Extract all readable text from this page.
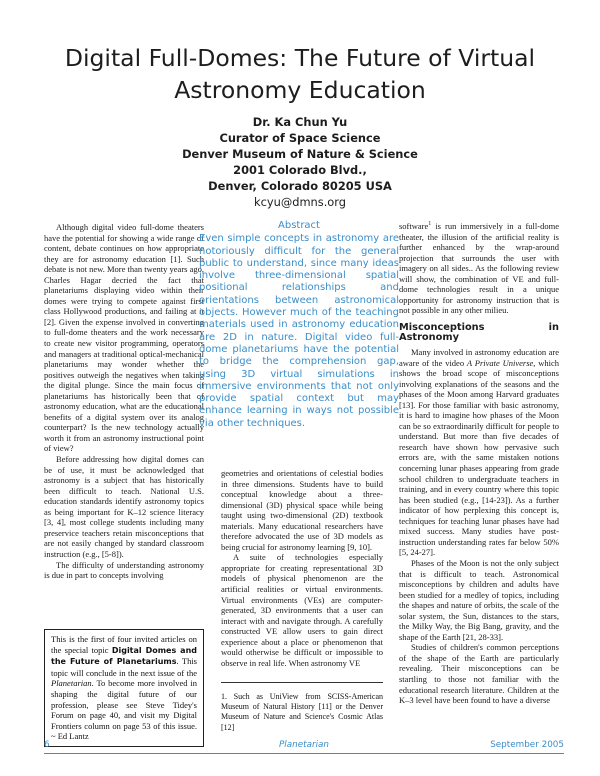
Digital Full-Domes: The Future of Virtual
Astronomy Education
Dr. Ka Chun Yu
Curator of Space Science
Denver Museum of Nature & Science
2001 Colorado Blvd.,
Denver, Colorado 80205 USA
kcyu@dmns.org

Although digital video full-dome theaters have the potential for showing a wide range of content, debate continues on how appropriate they are for astronomy education [1]. Such debate is not new. More than twenty years ago, Charles Hagar decried the fact that planetariums displaying video within their domes were trying to compete against first class Hollywood productions, and failing at it [2]. Given the expense involved in converting to full-dome theaters and the work necessary to create new visitor programming, operators and managers at traditional optical-mechanical planetariums may wonder whether the positives outweigh the negatives when taking the digital plunge. Since the main focus of planetariums has historically been that of astronomy education, what are the educational benefits of a digital system over its analog counterpart? Is the new technology actually worth it from an astronomy instructional point of view?

Before addressing how digital domes can be of use, it must be acknowledged that astronomy is a subject that has historically been difficult to teach. National U.S. education standards identify astronomy topics as being important for K–12 science literacy [3, 4], most college students including many preservice teachers retain misconceptions that are not easily changed by standard classroom instruction (e.g., [5-8]).

The difficulty of understanding astronomy is due in part to concepts involving

Abstract
Even simple concepts in astronomy are notoriously difficult for the general public to understand, since many ideas involve three-dimensional spatial positional relationships and orientations between astronomical objects. However much of the teaching materials used in astronomy education are 2D in nature. Digital video full-dome planetariums have the potential to bridge the comprehension gap, using 3D virtual simulations in immersive environments that not only provide spatial context but may enhance learning in ways not possible via other techniques.
This is the first of four invited articles on the special topic Digital Domes and the Future of Planetariums. This topic will conclude in the next issue of the Planetarian. To become more involved in shaping the digital future of our profession, please see Steve Tidey's Forum on page 40, and visit my Digital Frontiers column on page 53 of this issue. ~ Ed Lantz

geometries and orientations of celestial bodies in three dimensions. Students have to build conceptual knowledge about a three-dimensional (3D) physical space while being taught using two-dimensional (2D) textbook materials. Many educational researchers have therefore advocated the use of 3D models as being crucial for astronomy learning [9, 10].

A suite of technologies especially appropriate for creating representational 3D models of physical phenomenon are the artificial realities or virtual environments. Virtual environments (VEs) are computer-generated, 3D environments that a user can interact with and navigate through. A carefully constructed VE allow users to gain direct experience about a place or phenomenon that would otherwise be difficult or impossible to observe in real life. When astronomy VE

1. Such as UniView from SCISS-American Museum of Natural History [11] or the Denver Museum of Nature and Science's Cosmic Atlas [12]

software$^1$ is run immersively in a full-dome theater, the illusion of the artificial reality is further enhanced by the wrap-around projection that surrounds the user with imagery on all sides.. As the following review will show, the combination of VE and full-dome technologies result in a unique opportunity for astronomy instruction that is not possible in any other milieu.

Misconceptions in Astronomy

Many involved in astronomy education are aware of the video A Private Universe, which shows the broad scope of misconceptions involving explanations of the seasons and the phases of the Moon among Harvard graduates [13]. For those familiar with basic astronomy, it is hard to imagine how phases of the Moon can be so extraordinarily difficult for people to understand. But more than five decades of research have shown how pervasive such errors are, with the same mistaken notions concerning lunar phases appearing from grade school children to undergraduate teachers in training, and in every country where this topic has been studied (e.g., [14-23]). As a further indicator of how perplexing this concept is, techniques for teaching lunar phases have had mixed success. Many studies have post-instruction understanding rates far below 50% [5, 24-27].

Phases of the Moon is not the only subject that is difficult to teach. Astronomical misconceptions by children and adults have been studied for a medley of topics, including the shapes and nature of orbits, the scale of the solar system, the Sun, distances to the stars, the Milky Way, the Big Bang, gravity, and the shape of the Earth [21, 28-33].

Studies of children's common perceptions of the shape of the Earth are particularly revealing. Their misconceptions can be startling to those not familiar with the educational research literature. Children at the K–3 level have been found to have a diverse

6	Planetarian	September 2005
